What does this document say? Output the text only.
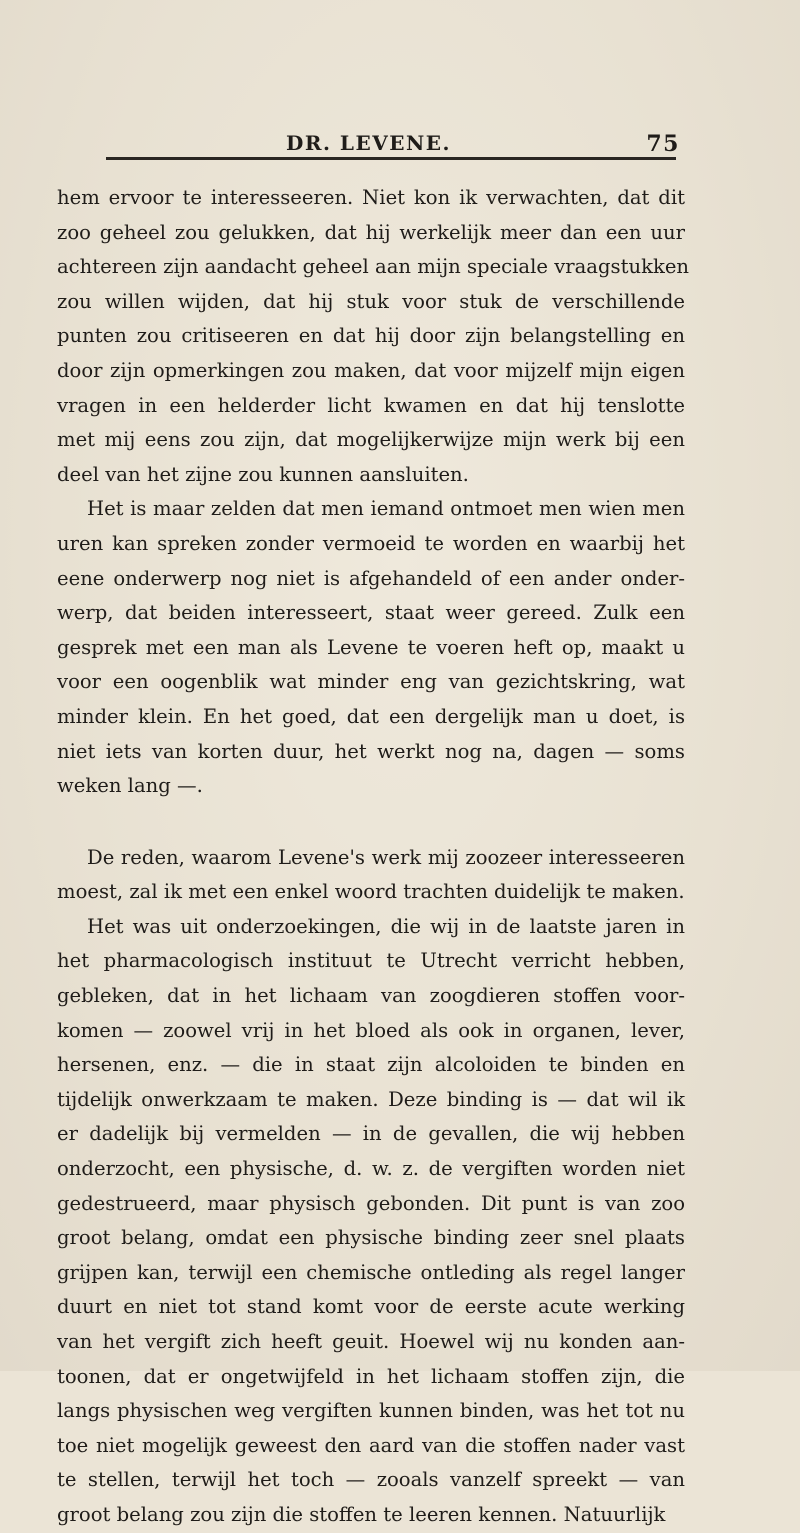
DR. LEVENE.	75
hem ervoor te interesseeren. Niet kon ik verwachten, dat dit
zoo geheel zou gelukken, dat hij werkelijk meer dan een uur
achtereen zijn aandacht geheel aan mijn speciale vraagstukken
zou willen wijden, dat hij stuk voor stuk de verschillende
punten zou critiseeren en dat hij door zijn belangstelling en
door zijn opmerkingen zou maken, dat voor mijzelf mijn eigen
vragen in een helderder licht kwamen en dat hij tenslotte
met mij eens zou zijn, dat mogelijkerwijze mijn werk bij een
deel van het zijne zou kunnen aansluiten.
Het is maar zelden dat men iemand ontmoet men wien men
uren kan spreken zonder vermoeid te worden en waarbij het
eene onderwerp nog niet is afgehandeld of een ander onder-
werp, dat beiden interesseert, staat weer gereed. Zulk een
gesprek met een man als Levene te voeren heft op, maakt u
voor een oogenblik wat minder eng van gezichtskring, wat
minder klein. En het goed, dat een dergelijk man u doet, is
niet iets van korten duur, het werkt nog na, dagen — soms
weken lang —.
De reden, waarom Levene's werk mij zoozeer interesseeren
moest, zal ik met een enkel woord trachten duidelijk te maken.
Het was uit onderzoekingen, die wij in de laatste jaren in
het pharmacologisch instituut te Utrecht verricht hebben,
gebleken, dat in het lichaam van zoogdieren stoffen voor-
komen — zoowel vrij in het bloed als ook in organen, lever,
hersenen, enz. — die in staat zijn alcoloiden te binden en
tijdelijk onwerkzaam te maken. Deze binding is — dat wil ik
er dadelijk bij vermelden — in de gevallen, die wij hebben
onderzocht, een physische, d. w. z. de vergiften worden niet
gedestrueerd, maar physisch gebonden. Dit punt is van zoo
groot belang, omdat een physische binding zeer snel plaats
grijpen kan, terwijl een chemische ontleding als regel langer
duurt en niet tot stand komt voor de eerste acute werking
van het vergift zich heeft geuit. Hoewel wij nu konden aan-
toonen, dat er ongetwijfeld in het lichaam stoffen zijn, die
langs physischen weg vergiften kunnen binden, was het tot nu
toe niet mogelijk geweest den aard van die stoffen nader vast
te stellen, terwijl het toch — zooals vanzelf spreekt — van
groot belang zou zijn die stoffen te leeren kennen. Natuurlijk
